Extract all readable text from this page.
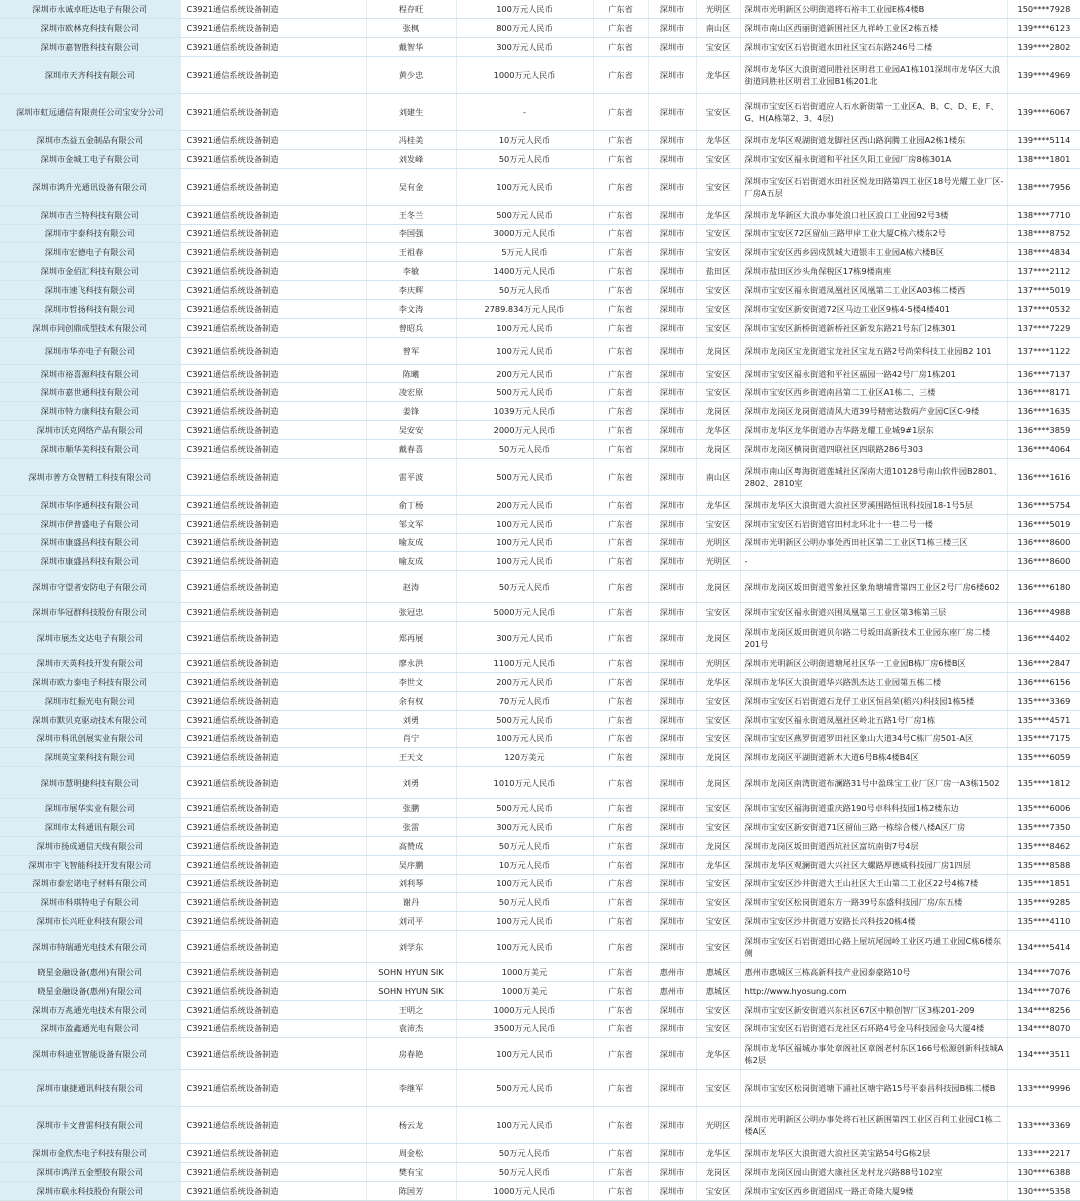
深圳市永诚卓旺达电子有限公司	C3921通信系统设备制造	程存旺	100万元人民币	广东省	深圳市	光明区	深圳市光明新区公明街道将石裕丰工业园E栋4楼B	150****7928
深圳市欧林克科技有限公司	C3921通信系统设备制造	张枫	800万元人民币	广东省	深圳市	南山区	深圳市南山区西丽街道新围社区九祥岭工业区2栋五楼	139****6123
深圳市嘉智胜科技有限公司	C3921通信系统设备制造	戴智华	300万元人民币	广东省	深圳市	宝安区	深圳市宝安区石岩街道水田社区宝石东路246号二楼	139****2802
深圳市天齐科技有限公司	C3921通信系统设备制造	黄少忠	1000万元人民币	广东省	深圳市	龙华区	深圳市龙华区大浪街道同胜社区明君工业园A1栋101深圳市龙华区大浪街道同胜社区明君工业园B1栋201北	139****4969
深圳市虹远通信有限责任公司宝安分公司	C3921通信系统设备制造	刘建生	-	广东省	深圳市	宝安区	深圳市宝安区石岩街道应人石水新街第一工业区A、B、C、D、E、F、G、H(A栋第2、3、4层)	139****6067
深圳市杰益五金制品有限公司	C3921通信系统设备制造	冯桂美	10万元人民币	广东省	深圳市	龙华区	深圳市龙华区观湖街道龙脚社区西山路润腾工业园A2栋1楼东	139****5114
深圳市金城工电子有限公司	C3921通信系统设备制造	刘发峰	50万元人民币	广东省	深圳市	宝安区	深圳市宝安区福永街道和平社区久阳工业园厂房8栋301A	138****1801
深圳市鸿升光通讯设备有限公司	C3921通信系统设备制造	吴有金	100万元人民币	广东省	深圳市	宝安区	深圳市宝安区石岩街道水田社区悦龙田路第四工业区18号光耀工业厂区-厂房A五层	138****7956
深圳市吉兰特科技有限公司	C3921通信系统设备制造	王冬兰	500万元人民币	广东省	深圳市	龙华区	深圳市龙华新区大浪办事处浪口社区浪口工业园92号3楼	138****7710
深圳市宇泰科技有限公司	C3921通信系统设备制造	李国强	3000万元人民币	广东省	深圳市	宝安区	深圳市宝安区72区留仙三路甲岸工业大厦C栋六楼东2号	138****8752
深圳市宏德电子有限公司	C3921通信系统设备制造	王祖春	5万元人民币	广东省	深圳市	宝安区	深圳市宝安区西乡固戍凯城大道银丰工业园A栋六楼B区	138****4834
深圳市金佰汇科技有限公司	C3921通信系统设备制造	李敏	1400万元人民币	广东省	深圳市	盐田区	深圳市盐田区沙头角保税区17栋9楼南座	137****2112
深圳市速飞科技有限公司	C3921通信系统设备制造	李庆辉	50万元人民币	广东省	深圳市	宝安区	深圳市宝安区福永街道凤凰社区凤凰第二工业区A03栋二楼西	137****5019
深圳市哲扬科技有限公司	C3921通信系统设备制造	李文涛	2789.834万元人民币	广东省	深圳市	宝安区	深圳市宝安区新安街道72区马边工业区9栋4-5楼4楼401	137****0532
深圳市同创鼎成型技术有限公司	C3921通信系统设备制造	曾昭兵	100万元人民币	广东省	深圳市	宝安区	深圳市宝安区新桥街道新桥社区新发东路21号东门2栋301	137****7229
深圳市华亦电子有限公司	C3921通信系统设备制造	曾军	100万元人民币	广东省	深圳市	龙岗区	深圳市龙岗区宝龙街道宝龙社区宝龙五路2号尚荣科技工业园B2 101	137****1122
深圳市裕喜源科技有限公司	C3921通信系统设备制造	陈曦	200万元人民币	广东省	深圳市	宝安区	深圳市宝安区福永街道和平社区福园一路42号厂房1栋201	136****7137
深圳市嘉世通科技有限公司	C3921通信系统设备制造	凌宏原	500万元人民币	广东省	深圳市	宝安区	深圳市宝安区西乡街道南昌第二工业区A1栋二、三楼	136****8171
深圳市特力康科技有限公司	C3921通信系统设备制造	姜锋	1039万元人民币	广东省	深圳市	龙岗区	深圳市龙岗区龙岗街道清风大道39号精密达数码产业园C区C-9楼	136****1635
深圳市沃克网络产品有限公司	C3921通信系统设备制造	吴安安	2000万元人民币	广东省	深圳市	龙华区	深圳市龙华区龙华街道办吉华路龙耀工业城9#1层东	136****3859
深圳市顺华美科技有限公司	C3921通信系统设备制造	戴春喜	50万元人民币	广东省	深圳市	龙岗区	深圳市龙岗区横岗街道四联社区四联路286号303	136****4064
深圳市普方众智精工科技有限公司	C3921通信系统设备制造	雷平波	500万元人民币	广东省	深圳市	南山区	深圳市南山区粤海街道莲城社区深南大道10128号南山软件园B2801、2802、2810室	136****1616
深圳市华序通科技有限公司	C3921通信系统设备制造	俞丁杨	200万元人民币	广东省	深圳市	龙华区	深圳市龙华区大浪街道大浪社区罗溪围路恒讯科技园18-1号5层	136****5754
深圳市伊普盛电子有限公司	C3921通信系统设备制造	邹文军	100万元人民币	广东省	深圳市	宝安区	深圳市宝安区石岩街道官田村北环北十一巷二号一楼	136****5019
深圳市康盛昌科技有限公司	C3921通信系统设备制造	喻友成	100万元人民币	广东省	深圳市	光明区	深圳市光明新区公明办事处西田社区第二工业区T1栋三楼三区	136****8600
深圳市康盛昌科技有限公司	C3921通信系统设备制造	喻友成	100万元人民币	广东省	深圳市	光明区	-	136****8600
深圳市守望者安防电子有限公司	C3921通信系统设备制造	赵涛	50万元人民币	广东省	深圳市	龙岗区	深圳市龙岗区坂田街道雪象社区象角塘埔背第四工业区2号厂房6楼602	136****6180
深圳市华冠群科技股份有限公司	C3921通信系统设备制造	张冠忠	5000万元人民币	广东省	深圳市	宝安区	深圳市宝安区福永街道兴围凤凰第三工业区第3栋第三层	136****4988
深圳市展杰文达电子有限公司	C3921通信系统设备制造	郑再展	300万元人民币	广东省	深圳市	龙岗区	深圳市龙岗区坂田街道贝尔路二号坂田高新技术工业园东座厂房二楼201号	136****4402
深圳市天英科技开发有限公司	C3921通信系统设备制造	廖永洪	1100万元人民币	广东省	深圳市	光明区	深圳市光明新区公明街道塘尾社区华一工业园B栋厂房6楼B区	136****2847
深圳市欧力泰电子科技有限公司	C3921通信系统设备制造	李世文	200万元人民币	广东省	深圳市	龙华区	深圳市龙华区大浪街道华兴路凯杰达工业园第五栋二楼	136****6156
深圳市红振光电有限公司	C3921通信系统设备制造	余有权	70万元人民币	广东省	深圳市	宝安区	深圳市宝安区石岩街道石龙仔工业区恒昌荣(稻兴)科技园1栋5楼	135****3369
深圳市默贝克驱动技术有限公司	C3921通信系统设备制造	刘勇	500万元人民币	广东省	深圳市	宝安区	深圳市宝安区福永街道凤凰社区岭北五路1号厂房1栋	135****4571
深圳市科讯创展实业有限公司	C3921通信系统设备制造	肖宁	100万元人民币	广东省	深圳市	宝安区	深圳市宝安区燕罗街道罗田社区象山大道34号C栋厂房501-A区	135****7175
深圳英宝莱科技有限公司	C3921通信系统设备制造	王天文	120万美元	广东省	深圳市	龙岗区	深圳市龙岗区平湖街道新木大道6号B栋4楼B4区	135****6059
深圳市慧明捷科技有限公司	C3921通信系统设备制造	刘勇	1010万元人民币	广东省	深圳市	龙岗区	深圳市龙岗区南湾街道布澜路31号中盈珠宝工业厂区厂房一A3栋1502	135****1812
深圳市展华实业有限公司	C3921通信系统设备制造	张鹏	500万元人民币	广东省	深圳市	宝安区	深圳市宝安区福海街道重庆路190号卓科科技园1栋2楼东边	135****6006
深圳市太科通讯有限公司	C3921通信系统设备制造	张雷	300万元人民币	广东省	深圳市	宝安区	深圳市宝安区新安街道71区留仙三路一栋综合楼八楼A区厂房	135****7350
深圳市扬成通信天线有限公司	C3921通信系统设备制造	高赞成	50万元人民币	广东省	深圳市	龙岗区	深圳市龙岗区坂田街道西坑社区富坑南街7号4层	135****8462
深圳市宇飞智能科技开发有限公司	C3921通信系统设备制造	吴序鹏	10万元人民币	广东省	深圳市	龙华区	深圳市龙华区观澜街道大兴社区大螺路厚德威科技园厂房1四层	135****8588
深圳市泰宏诺电子材料有限公司	C3921通信系统设备制造	刘利琴	100万元人民币	广东省	深圳市	宝安区	深圳市宝安区沙井街道大王山社区大王山第二工业区22号4栋7楼	135****1851
深圳市科琪特电子有限公司	C3921通信系统设备制造	谢丹	50万元人民币	广东省	深圳市	宝安区	深圳市宝安区松岗街道东方一路39号东盛科技园厂房/东五楼	135****9285
深圳市长兴旺业科技有限公司	C3921通信系统设备制造	刘司平	100万元人民币	广东省	深圳市	宝安区	深圳市宝安区沙井街道万安路长兴科技20栋4楼	135****4110
深圳市特瑞通光电技术有限公司	C3921通信系统设备制造	刘学东	100万元人民币	广东省	深圳市	宝安区	深圳市宝安区石岩街道田心路上屋坑尾园岭工业区巧通工业园C栋6楼东侧	134****5414
晓星金融设备(惠州)有限公司	C3921通信系统设备制造	SOHN HYUN SIK	1000万美元	广东省	惠州市	惠城区	惠州市惠城区三栋高新科技产业园泰豪路10号	134****7076
晓星金融设备(惠州)有限公司	C3921通信系统设备制造	SOHN HYUN SIK	1000万美元	广东省	惠州市	惠城区	http://www.hyosung.com	134****7076
深圳市万兆通光电技术有限公司	C3921通信系统设备制造	王明之	1000万元人民币	广东省	深圳市	宝安区	深圳市宝安区新安街道兴东社区67区中粮创智厂区3栋201-209	134****8256
深圳市盈鑫通光电有限公司	C3921通信系统设备制造	袁沛杰	3500万元人民币	广东省	深圳市	宝安区	深圳市宝安区石岩街道石龙社区石环路4号金马科技园金马大厦4楼	134****8070
深圳市科迪亚智能设备有限公司	C3921通信系统设备制造	房春艳	100万元人民币	广东省	深圳市	龙华区	深圳市龙华区福城办事处章阁社区章阁老村东区166号松源创新科技城A栋2层	134****3511
深圳市康捷通讯科技有限公司	C3921通信系统设备制造	李继军	500万元人民币	广东省	深圳市	宝安区	深圳市宝安区松岗街道塘下涌社区塘宇路15号平泰昌科技园B栋二楼B	133****9996
深圳市卡文普雷科技有限公司	C3921通信系统设备制造	杨云龙	100万元人民币	广东省	深圳市	光明区	深圳市光明新区公明办事处将石社区新围第四工业区百利工业园C1栋二楼A区	133****3369
深圳市金欣杰电子科技有限公司	C3921通信系统设备制造	周金松	50万元人民币	广东省	深圳市	龙华区	深圳市龙华区大浪街道大浪社区美宝路54号G栋2层	133****2217
深圳市鸿洋五金塑胶有限公司	C3921通信系统设备制造	樊有宝	50万元人民币	广东省	深圳市	龙岗区	深圳市龙岗区园山街道大康社区龙村龙兴路88号102室	130****6388
深圳市联永科技股份有限公司	C3921通信系统设备制造	陈国芳	1000万元人民币	广东省	深圳市	宝安区	深圳市宝安区西乡街道固戍一路正奇隆大厦9楼	130****5358
